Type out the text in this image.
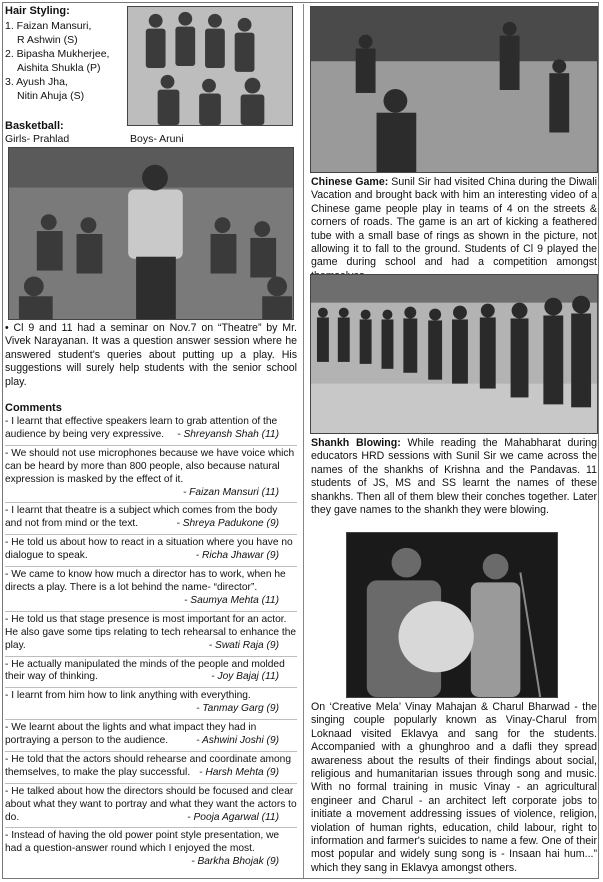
Hair Styling:
1. Faizan Mansuri,
R Ashwin (S)
2. Bipasha Mukherjee,
Aishita Shukla (P)
3. Ayush Jha,
Nitin Ahuja (S)
Basketball:
Girls- Prahlad	Boys- Aruni
• Cl 9 and 11 had a seminar on Nov.7 on “Theatre” by Mr. Vivek Narayanan. It was a question answer session where he answered student's queries about putting up a play. His suggestions will surely help students with the senior school play.
Comments
- I learnt that effective speakers learn to grab attention of the audience by being very expressive. - Shreyansh Shah (11)
- We should not use microphones because we have voice which can be heard by more than 800 people, also because natural expression is masked by the effect of it.
- Faizan Mansuri (11)
- I learnt that theatre is a subject which comes from the body and not from mind or the text.	- Shreya Padukone (9)
- He told us about how to react in a situation where you have no dialogue to speak.	- Richa Jhawar (9)
- We came to know how much a director has to work, when he directs a play. There is a lot behind the name- “director”.
- Saumya Mehta (11)
- He told us that stage presence is most important for an actor. He also gave some tips relating to tech rehearsal to enhance the play.	- Swati Raja (9)
- He actually manipulated the minds of the people and molded their way of thinking.	- Joy Bajaj (11)
- I learnt from him how to link anything with everything.
- Tanmay Garg (9)
- We learnt about the lights and what impact they had in portraying a person to the audience.	- Ashwini Joshi (9)
- He told that the actors should rehearse and coordinate among themselves, to make the play successful. - Harsh Mehta (9)
- He talked about how the directors should be focused and clear about what they want to portray and what they want the actors to do.	- Pooja Agarwal (11)
- Instead of having the old power point style presentation, we had a question-answer round which I enjoyed the most.
- Barkha Bhojak (9)
Chinese Game: Sunil Sir had visited China during the Diwali Vacation and brought back with him an interesting video of a Chinese game people play in teams of 4 on the streets & corners of roads. The game is an art of kicking a feathered tube with a small base of rings as shown in the picture, not allowing it to fall to the ground. Students of Cl 9 played the game during school and had a competition amongst
Shankh Blowing: While reading the Mahabharat during educators HRD sessions with Sunil Sir we came across the names of the shankhs of Krishna and the Pandavas. 11 students of JS, MS and SS learnt the names of these shankhs. Then all of them blew their conches together. Later they gave names to the shankh they were blowing.
On ‘Creative Mela’ Vinay Mahajan & Charul Bharwad - the singing couple popularly known as Vinay-Charul from Loknaad visited Eklavya and sang for the students. Accompanied with a ghunghroo and a dafli they spread awareness about the results of their findings about social, religious and humanitarian issues through song and music. With no formal training in music Vinay - an agricultural engineer and Charul - an architect left corporate jobs to initiate a movement addressing issues of violence, religion, violation of human rights, education, child labour, right to information and farmer's suicides to name a few. One of their most popular and widely sung song is - Insaan hai hum...” which they sang in Eklavya amongst others.
